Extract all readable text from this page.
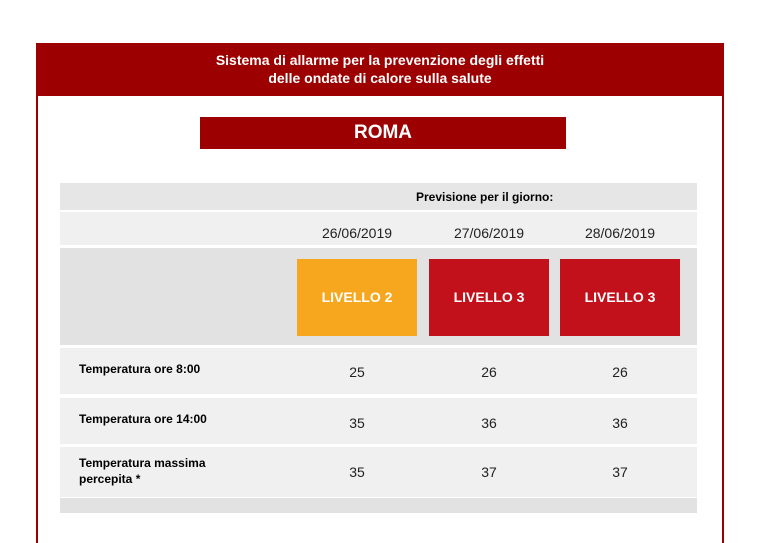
Sistema di allarme per la prevenzione degli effetti
delle ondate di calore sulla salute
ROMA
Previsione per il giorno:
26/06/2019	27/06/2019	28/06/2019
LIVELLO 2	LIVELLO 3	LIVELLO 3
Temperatura ore 8:00	25	26	26
Temperatura ore 14:00	35	36	36
Temperatura massima
percepita *	35	37	37
